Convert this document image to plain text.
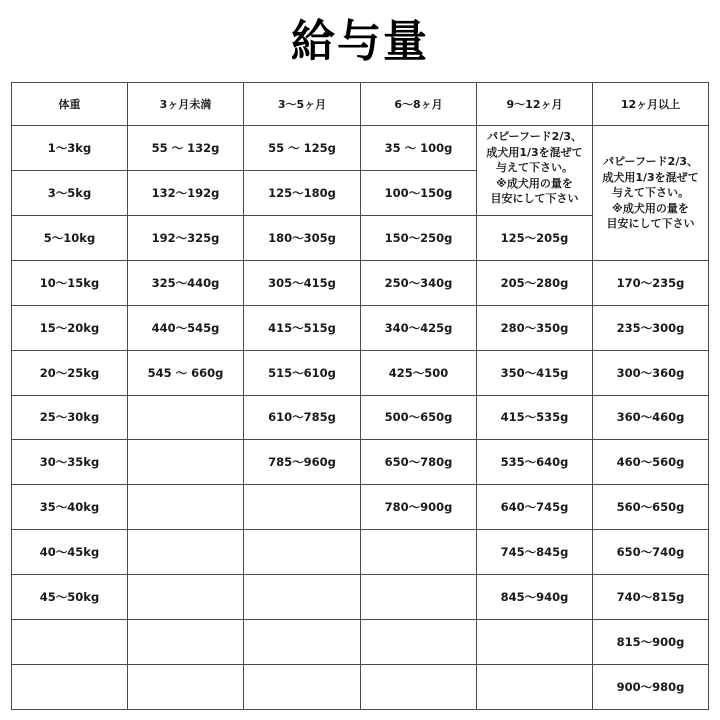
給与量
体重	3ヶ月未満	3〜5ヶ月	6〜8ヶ月	9〜12ヶ月	12ヶ月以上
1〜3kg	55 〜 132g	55 〜 125g	35 〜 100g	パピーフード2/3、
成犬用1/3を混ぜて
与えて下さい。
※成犬用の量を
目安にして下さい	パピーフード2/3、
成犬用1/3を混ぜて
与えて下さい。
※成犬用の量を
目安にして下さい
3〜5kg	132〜192g	125〜180g	100〜150g		
5〜10kg	192〜325g	180〜305g	150〜250g	125〜205g	
10〜15kg	325〜440g	305〜415g	250〜340g	205〜280g	170〜235g
15〜20kg	440〜545g	415〜515g	340〜425g	280〜350g	235〜300g
20〜25kg	545 〜 660g	515〜610g	425〜500	350〜415g	300〜360g
25〜30kg		610〜785g	500〜650g	415〜535g	360〜460g
30〜35kg		785〜960g	650〜780g	535〜640g	460〜560g
35〜40kg			780〜900g	640〜745g	560〜650g
40〜45kg				745〜845g	650〜740g
45〜50kg				845〜940g	740〜815g
					815〜900g
					900〜980g
